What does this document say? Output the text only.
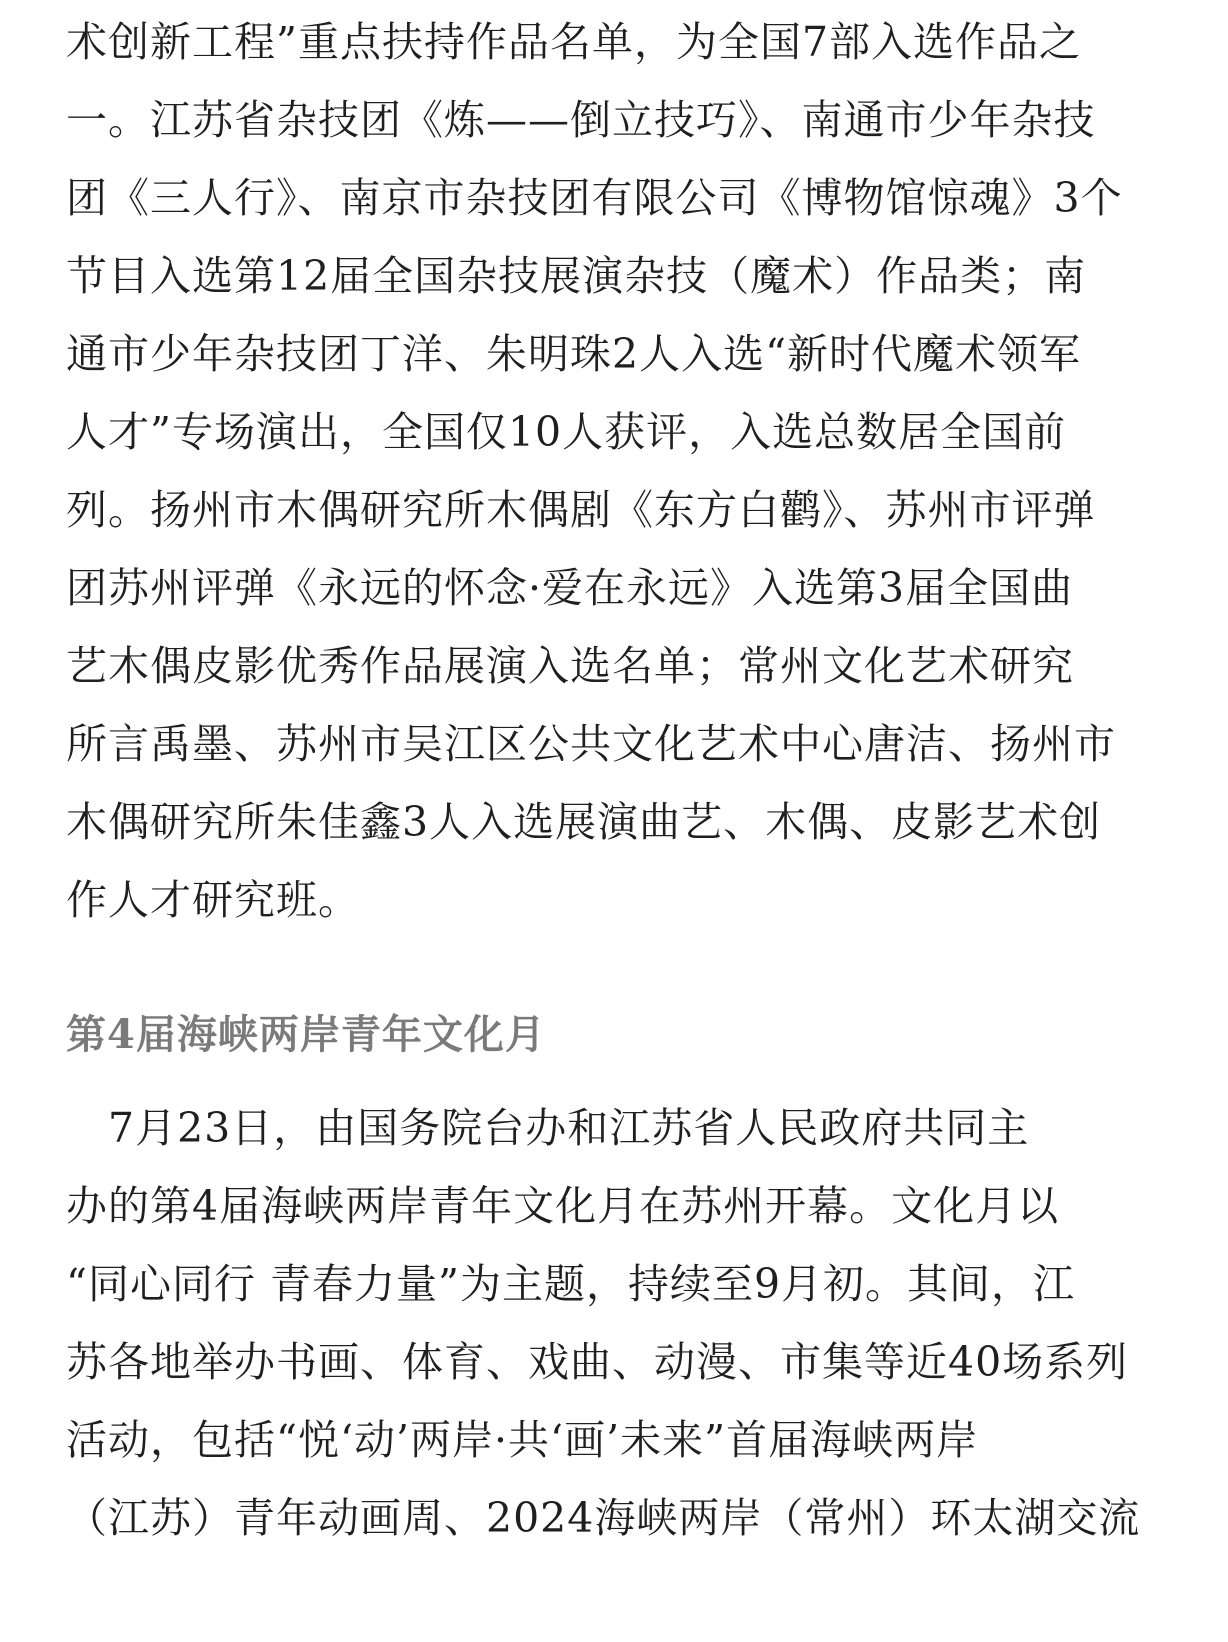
术创新工程”重点扶持作品名单，为全国7部入选作品之
一。江苏省杂技团《炼——倒立技巧》、南通市少年杂技
团《三人行》、南京市杂技团有限公司《博物馆惊魂》3个
节目入选第12届全国杂技展演杂技（魔术）作品类；南
通市少年杂技团丁洋、朱明珠2人入选“新时代魔术领军
人才”专场演出，全国仅10人获评，入选总数居全国前
列。扬州市木偶研究所木偶剧《东方白鹳》、苏州市评弹
团苏州评弹《永远的怀念·爱在永远》入选第3届全国曲
艺木偶皮影优秀作品展演入选名单；常州文化艺术研究
所言禹墨、苏州市吴江区公共文化艺术中心唐洁、扬州市
木偶研究所朱佳鑫3人入选展演曲艺、木偶、皮影艺术创
作人才研究班。
第4届海峡两岸青年文化月
　7月23日，由国务院台办和江苏省人民政府共同主
办的第4届海峡两岸青年文化月在苏州开幕。文化月以
“同心同行 青春力量”为主题，持续至9月初。其间，江
苏各地举办书画、体育、戏曲、动漫、市集等近40场系列
活动，包括“悦‘动’两岸·共‘画’未来”首届海峡两岸
（江苏）青年动画周、2024海峡两岸（常州）环太湖交流
